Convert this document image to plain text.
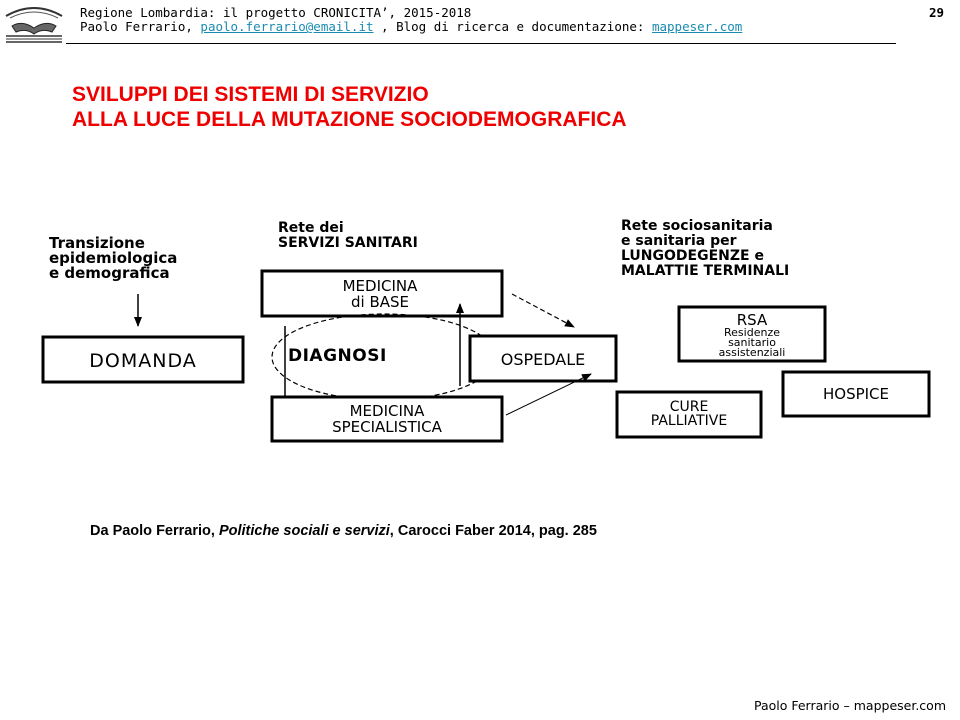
Regione Lombardia: il progetto CRONICITA’, 2015-2018
Paolo Ferrario, paolo.ferrario@email.it , Blog di ricerca e documentazione: mappeser.com
29
SVILUPPI DEI SISTEMI DI SERVIZIO
ALLA LUCE DELLA MUTAZIONE SOCIODEMOGRAFICA
Transizione
epidemiologica
e demografica
DOMANDA
Rete dei
SERVIZI SANITARI
MEDICINA
di BASE
DIAGNOSI	OSPEDALE
MEDICINA
SPECIALISTICA
Rete sociosanitaria
e sanitaria per
LUNGODEGENZE e
MALATTIE TERMINALI
RSA
Residenze
sanitario
assistenziali
HOSPICE
CURE
PALLIATIVE
Da Paolo Ferrario, Politiche sociali e servizi, Carocci Faber 2014, pag. 285
Paolo Ferrario – mappeser.com
